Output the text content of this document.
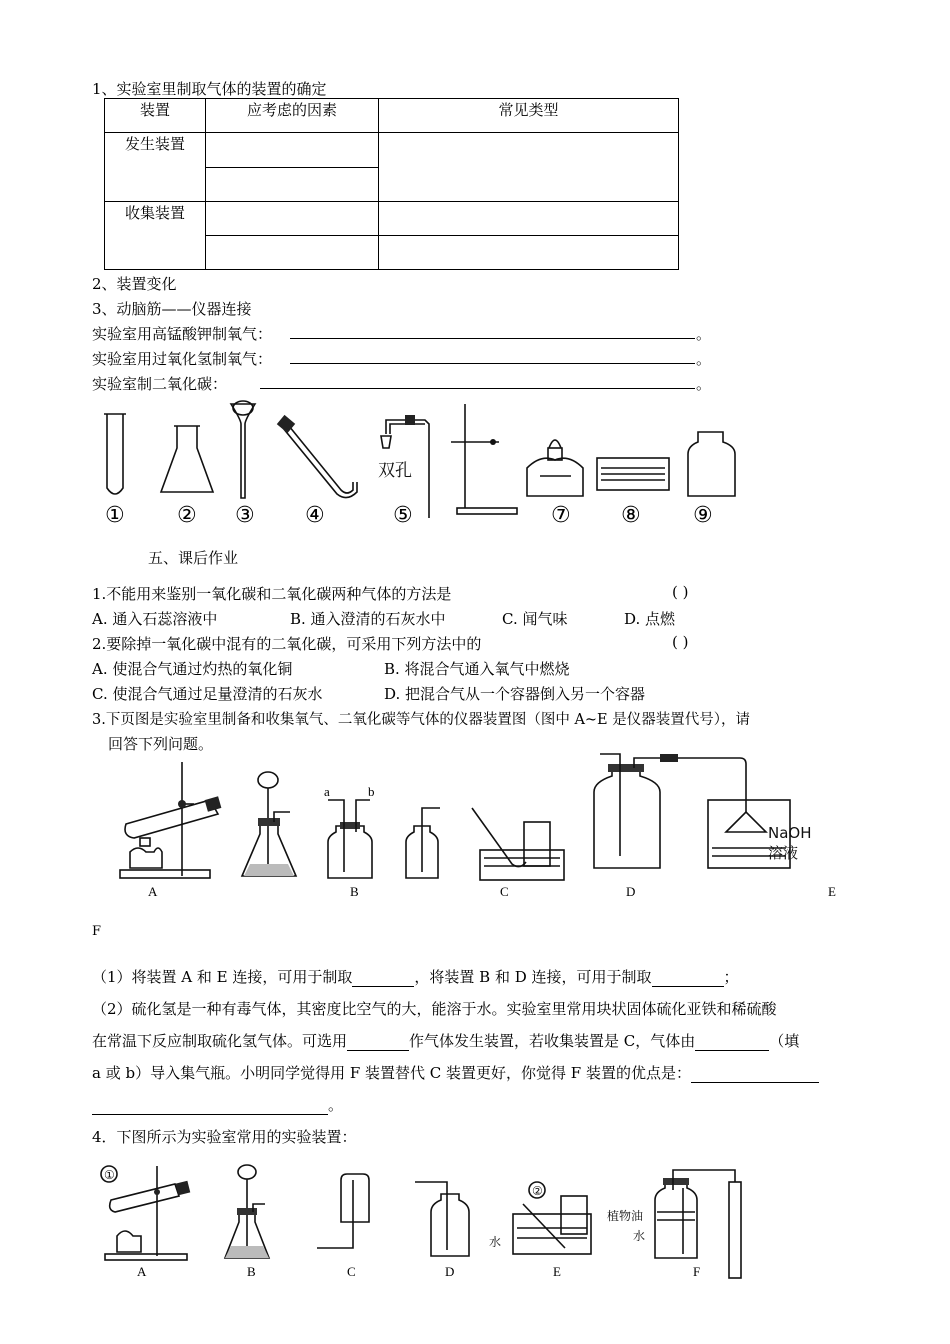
1、实验室里制取气体的装置的确定
装置	应考虑的因素	常见类型
发生装置		

收集装置		

2、装置变化
3、动脑筋——仪器连接
实验室用高锰酸钾制氧气：	。
实验室用过氧化氢制氧气：	。
实验室制二氧化碳：	。
双孔
① ② ③ ④	⑤	⑦ ⑧ ⑨
五、课后作业
1.不能用来鉴别一氧化碳和二氧化碳两种气体的方法是	( )
A. 通入石蕊溶液中	B. 通入澄清的石灰水中	C. 闻气味	D. 点燃
2.要除掉一氧化碳中混有的二氧化碳，可采用下列方法中的	( )
A. 使混合气通过灼热的氧化铜	B. 将混合气通入氧气中燃烧
C. 使混合气通过足量澄清的石灰水	D. 把混合气从一个容器倒入另一个容器
3.下页图是实验室里制备和收集氧气、二氧化碳等气体的仪器装置图（图中 A~E 是仪器装置代号），请
回答下列问题。
A
a	b
B	C
NaOH
溶液
D	E
F
（1）将装置 A 和 E 连接，可用于制取	，将装置 B 和 D 连接，可用于制取	；
（2）硫化氢是一种有毒气体，其密度比空气的大，能溶于水。实验室里常用块状固体硫化亚铁和稀硫酸
在常温下反应制取硫化氢气体。可选用	作气体发生装置，若收集装置是 C，气体由	（填
a 或 b）导入集气瓶。小明同学觉得用 F 装置替代 C 装置更好，你觉得 F 装置的优点是：
。
4．下图所示为实验室常用的实验装置：
①
A	B	C	D
②
水
E
植物油
水
F
